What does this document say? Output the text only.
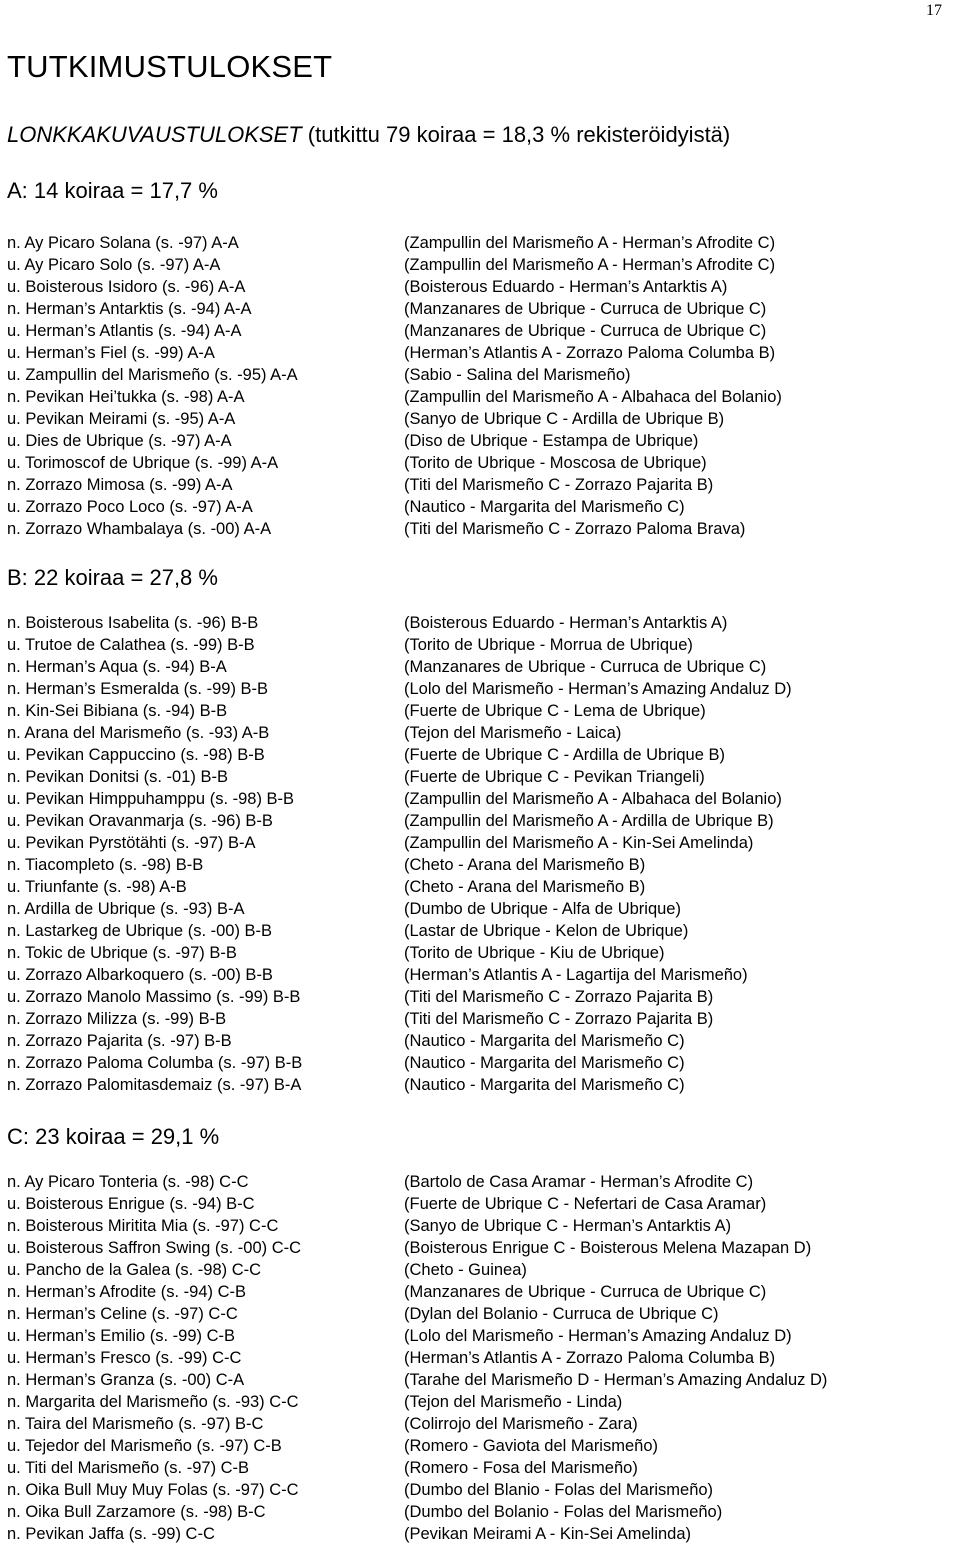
17
TUTKIMUSTULOKSET
LONKKAKUVAUSTULOKSET (tutkittu 79 koiraa = 18,3 % rekisteröidyistä)
A: 14 koiraa = 17,7 %
n. Ay Picaro Solana (s. -97) A-A	(Zampullin del Marismeño A - Herman’s Afrodite C)
u. Ay Picaro Solo (s. -97) A-A	(Zampullin del Marismeño A - Herman’s Afrodite C)
u. Boisterous Isidoro (s. -96) A-A	(Boisterous Eduardo - Herman’s Antarktis A)
n. Herman’s Antarktis (s. -94) A-A	(Manzanares de Ubrique - Curruca de Ubrique C)
u. Herman’s Atlantis (s. -94) A-A	(Manzanares de Ubrique - Curruca de Ubrique C)
u. Herman’s Fiel (s. -99) A-A	(Herman’s Atlantis A - Zorrazo Paloma Columba B)
u. Zampullin del Marismeño (s. -95) A-A	(Sabio - Salina del Marismeño)
n. Pevikan Hei’tukka (s. -98) A-A	(Zampullin del Marismeño A - Albahaca del Bolanio)
u. Pevikan Meirami (s. -95) A-A	(Sanyo de Ubrique C - Ardilla de Ubrique B)
u. Dies de Ubrique (s. -97) A-A	(Diso de Ubrique - Estampa de Ubrique)
u. Torimoscof de Ubrique (s. -99) A-A	(Torito de Ubrique - Moscosa de Ubrique)
n. Zorrazo Mimosa (s. -99) A-A	(Titi del Marismeño C - Zorrazo Pajarita B)
u. Zorrazo Poco Loco (s. -97) A-A	(Nautico - Margarita del Marismeño C)
n. Zorrazo Whambalaya (s. -00) A-A	(Titi del Marismeño C - Zorrazo Paloma Brava)
B: 22 koiraa = 27,8 %
n. Boisterous Isabelita (s. -96) B-B	(Boisterous Eduardo - Herman’s Antarktis A)
u. Trutoe de Calathea (s. -99) B-B	(Torito de Ubrique - Morrua de Ubrique)
n. Herman’s Aqua (s. -94) B-A	(Manzanares de Ubrique - Curruca de Ubrique C)
n. Herman’s Esmeralda (s. -99) B-B	(Lolo del Marismeño - Herman’s Amazing Andaluz D)
n. Kin-Sei Bibiana (s. -94) B-B	(Fuerte de Ubrique C - Lema de Ubrique)
n. Arana del Marismeño (s. -93) A-B	(Tejon del Marismeño - Laica)
u. Pevikan Cappuccino (s. -98) B-B	(Fuerte de Ubrique C - Ardilla de Ubrique B)
n. Pevikan Donitsi (s. -01) B-B	(Fuerte de Ubrique C - Pevikan Triangeli)
u. Pevikan Himppuhamppu (s. -98) B-B	(Zampullin del Marismeño A - Albahaca del Bolanio)
u. Pevikan Oravanmarja (s. -96) B-B	(Zampullin del Marismeño A - Ardilla de Ubrique B)
u. Pevikan Pyrstötähti (s. -97) B-A	(Zampullin del Marismeño A - Kin-Sei Amelinda)
n. Tiacompleto (s. -98) B-B	(Cheto - Arana del Marismeño B)
u. Triunfante (s. -98) A-B	(Cheto - Arana del Marismeño B)
n. Ardilla de Ubrique (s. -93) B-A	(Dumbo de Ubrique - Alfa de Ubrique)
n. Lastarkeg de Ubrique (s. -00) B-B	(Lastar de Ubrique - Kelon de Ubrique)
n. Tokic de Ubrique (s. -97) B-B	(Torito de Ubrique - Kiu de Ubrique)
u. Zorrazo Albarkoquero (s. -00) B-B	(Herman’s Atlantis A - Lagartija del Marismeño)
u. Zorrazo Manolo Massimo (s. -99) B-B	(Titi del Marismeño C - Zorrazo Pajarita B)
n. Zorrazo Milizza (s. -99) B-B	(Titi del Marismeño C - Zorrazo Pajarita B)
n. Zorrazo Pajarita (s. -97) B-B	(Nautico - Margarita del Marismeño C)
n. Zorrazo Paloma Columba (s. -97) B-B	(Nautico - Margarita del Marismeño C)
n. Zorrazo Palomitasdemaiz (s. -97) B-A	(Nautico - Margarita del Marismeño C)
C: 23 koiraa = 29,1 %
n. Ay Picaro Tonteria (s. -98) C-C	(Bartolo de Casa Aramar - Herman’s Afrodite C)
u. Boisterous Enrigue (s. -94) B-C	(Fuerte de Ubrique C - Nefertari de Casa Aramar)
n. Boisterous Miritita Mia (s. -97) C-C	(Sanyo de Ubrique C - Herman’s Antarktis A)
u. Boisterous Saffron Swing (s. -00) C-C	(Boisterous Enrigue C - Boisterous Melena Mazapan D)
u. Pancho de la Galea (s. -98) C-C	(Cheto - Guinea)
n. Herman’s Afrodite (s. -94) C-B	(Manzanares de Ubrique - Curruca de Ubrique C)
n. Herman’s Celine (s. -97) C-C	(Dylan del Bolanio - Curruca de Ubrique C)
u. Herman’s Emilio (s. -99) C-B	(Lolo del Marismeño - Herman’s Amazing Andaluz D)
u. Herman’s Fresco (s. -99) C-C	(Herman’s Atlantis A - Zorrazo Paloma Columba B)
n. Herman’s Granza (s. -00) C-A	(Tarahe del Marismeño D - Herman’s Amazing Andaluz D)
n. Margarita del Marismeño (s. -93) C-C	(Tejon del Marismeño - Linda)
n. Taira del Marismeño (s. -97) B-C	(Colirrojo del Marismeño - Zara)
u. Tejedor del Marismeño (s. -97) C-B	(Romero - Gaviota del Marismeño)
u. Titi del Marismeño (s. -97) C-B	(Romero - Fosa del Marismeño)
n. Oika Bull Muy Muy Folas (s. -97) C-C	(Dumbo del Blanio - Folas del Marismeño)
n. Oika Bull Zarzamore (s. -98) B-C	(Dumbo del Bolanio - Folas del Marismeño)
n. Pevikan Jaffa (s. -99) C-C	(Pevikan Meirami A - Kin-Sei Amelinda)
